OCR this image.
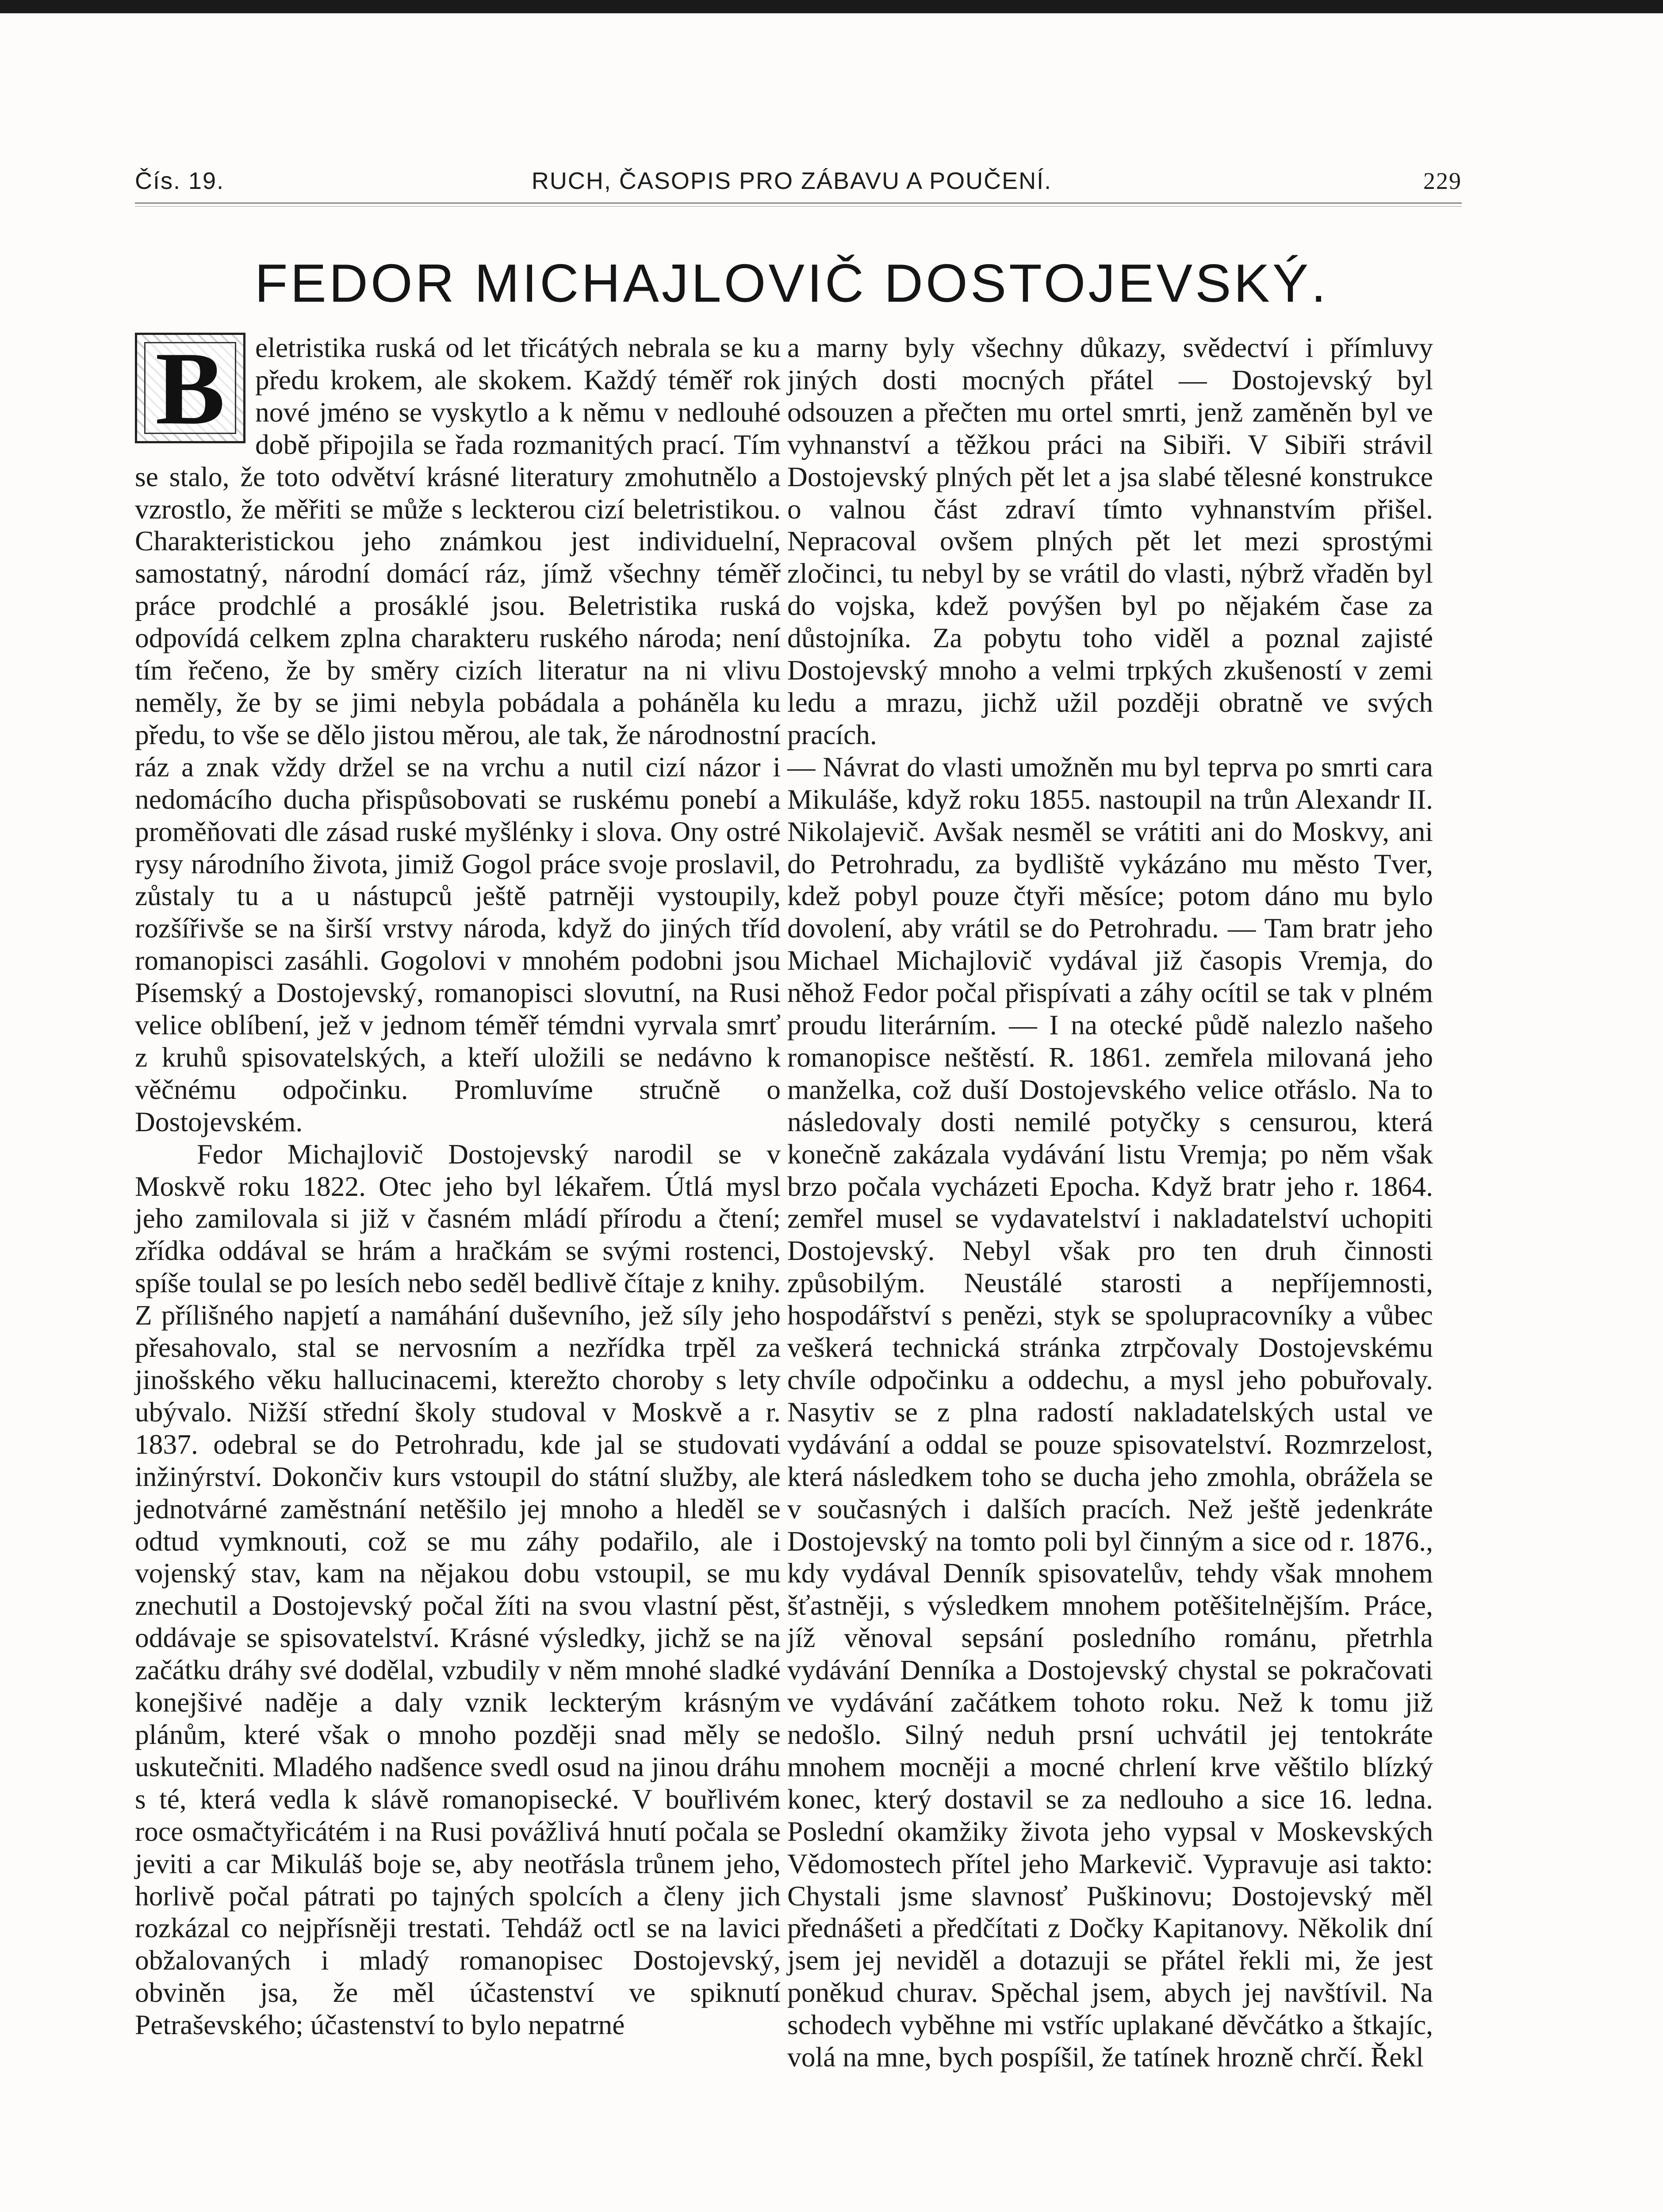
Čís. 19.	RUCH, ČASOPIS PRO ZÁBAVU A POUČENÍ.	229
FEDOR MICHAJLOVIČ DOSTOJEVSKÝ.
B	eletristika ruská od let třicátých nebrala se ku předu krokem, ale skokem. Každý téměř rok nové jméno se vyskytlo a k němu v nedlouhé době připojila se řada rozmanitých prací. Tím se stalo, že toto odvětví krásné literatury zmohutnělo a vzrostlo, že měřiti se může s leckterou cizí beletristikou. Charakteristickou jeho známkou jest individuelní, samostatný, národní domácí ráz, jímž všechny téměř práce prodchlé a prosáklé jsou. Beletristika ruská odpovídá celkem zplna charakteru ruského národa; není tím řečeno, že by směry cizích literatur na ni vlivu neměly, že by se jimi nebyla pobádala a poháněla ku předu, to vše se dělo jistou měrou, ale tak, že národnostní ráz a znak vždy držel se na vrchu a nutil cizí názor i nedomácího ducha přispůsobovati se ruskému ponebí a proměňovati dle zásad ruské myšlénky i slova. Ony ostré rysy národního života, jimiž Gogol práce svoje proslavil, zůstaly tu a u nástupců ještě patrněji vystoupily, rozšířivše se na širší vrstvy národa, když do jiných tříd romanopisci zasáhli. Gogolovi v mnohém podobni jsou Písemský a Dostojevský, romanopisci slovutní, na Rusi velice oblíbení, jež v jednom téměř témdni vyrvala smrť z kruhů spisovatelských, a kteří uložili se nedávno k věčnému odpočinku. Promluvíme stručně o Dostojevském.

Fedor Michajlovič Dostojevský narodil se v Moskvě roku 1822. Otec jeho byl lékařem. Útlá mysl jeho zamilovala si již v časném mládí přírodu a čtení; zřídka oddával se hrám a hračkám se svými rostenci, spíše toulal se po lesích nebo seděl bedlivě čítaje z knihy. Z přílišného napjetí a namáhání duševního, jež síly jeho přesahovalo, stal se nervosním a nezřídka trpěl za jinošského věku hallucinacemi, kterežto choroby s lety ubývalo. Nižší střední školy studoval v Moskvě a r. 1837. odebral se do Petrohradu, kde jal se studovati inžinýrství. Dokončiv kurs vstoupil do státní služby, ale jednotvárné zaměstnání netěšilo jej mnoho a hleděl se odtud vymknouti, což se mu záhy podařilo, ale i vojenský stav, kam na nějakou dobu vstoupil, se mu znechutil a Dostojevský počal žíti na svou vlastní pěst, oddávaje se spisovatelství. Krásné výsledky, jichž se na začátku dráhy své dodělal, vzbudily v něm mnohé sladké konejšivé naděje a daly vznik leckterým krásným plánům, které však o mnoho později snad měly se uskutečniti. Mladého nadšence svedl osud na jinou dráhu s té, která vedla k slávě romanopisecké. V bouřlivém roce osmačtyřicátém i na Rusi povážlivá hnutí počala se jeviti a car Mikuláš boje se, aby neotřásla trůnem jeho, horlivě počal pátrati po tajných spolcích a členy jich rozkázal co nejpřísněji trestati. Tehdáž octl se na lavici obžalovaných i mladý romanopisec Dostojevský, obviněn jsa, že měl účastenství ve spiknutí Petraševského; účastenství to bylo nepatrné

a marny byly všechny důkazy, svědectví i přímluvy jiných dosti mocných přátel — Dostojevský byl odsouzen a přečten mu ortel smrti, jenž zaměněn byl ve vyhnanství a těžkou práci na Sibiři. V Sibiři strávil Dostojevský plných pět let a jsa slabé tělesné konstrukce o valnou část zdraví tímto vyhnanstvím přišel. Nepracoval ovšem plných pět let mezi sprostými zločinci, tu nebyl by se vrátil do vlasti, nýbrž vřaděn byl do vojska, kdež povýšen byl po nějakém čase za důstojníka. Za pobytu toho viděl a poznal zajisté Dostojevský mnoho a velmi trpkých zkušeností v zemi ledu a mrazu, jichž užil později obratně ve svých pracích.

— Návrat do vlasti umožněn mu byl teprva po smrti cara Mikuláše, když roku 1855. nastoupil na trůn Alexandr II. Nikolajevič. Avšak nesměl se vrátiti ani do Moskvy, ani do Petrohradu, za bydliště vykázáno mu město Tver, kdež pobyl pouze čtyři měsíce; potom dáno mu bylo dovolení, aby vrátil se do Petrohradu. — Tam bratr jeho Michael Michajlovič vydával již časopis Vremja, do něhož Fedor počal přispívati a záhy ocítil se tak v plném proudu literárním. — I na otecké půdě nalezlo našeho romanopisce neštěstí. R. 1861. zemřela milovaná jeho manželka, což duší Dostojevského velice otřáslo. Na to následovaly dosti nemilé potyčky s censurou, která konečně zakázala vydávání listu Vremja; po něm však brzo počala vycházeti Epocha. Když bratr jeho r. 1864. zemřel musel se vydavatelství i nakladatelství uchopiti Dostojevský. Nebyl však pro ten druh činnosti způsobilým. Neustálé starosti a nepříjemnosti, hospodářství s penězi, styk se spolupracovníky a vůbec veškerá technická stránka ztrpčovaly Dostojevskému chvíle odpočinku a oddechu, a mysl jeho pobuřovaly. Nasytiv se z plna radostí nakladatelských ustal ve vydávání a oddal se pouze spisovatelství. Rozmrzelost, která následkem toho se ducha jeho zmohla, obrážela se v současných i dalších pracích. Než ještě jedenkráte Dostojevský na tomto poli byl činným a sice od r. 1876., kdy vydával Denník spisovatelův, tehdy však mnohem šťastněji, s výsledkem mnohem potěšitelnějším. Práce, jíž věnoval sepsání posledního románu, přetrhla vydávání Denníka a Dostojevský chystal se pokračovati ve vydávání začátkem tohoto roku. Než k tomu již nedošlo. Silný neduh prsní uchvátil jej tentokráte mnohem mocněji a mocné chrlení krve věštilo blízký konec, který dostavil se za nedlouho a sice 16. ledna. Poslední okamžiky života jeho vypsal v Moskevských Vědomostech přítel jeho Markevič. Vypravuje asi takto: Chystali jsme slavnosť Puškinovu; Dostojevský měl přednášeti a předčítati z Dočky Kapitanovy. Několik dní jsem jej neviděl a dotazuji se přátel řekli mi, že jest poněkud churav. Spěchal jsem, abych jej navštívil. Na schodech vyběhne mi vstříc uplakané děvčátko a štkajíc, volá na mne, bych pospíšil, že tatínek hrozně chrčí. Řekl
